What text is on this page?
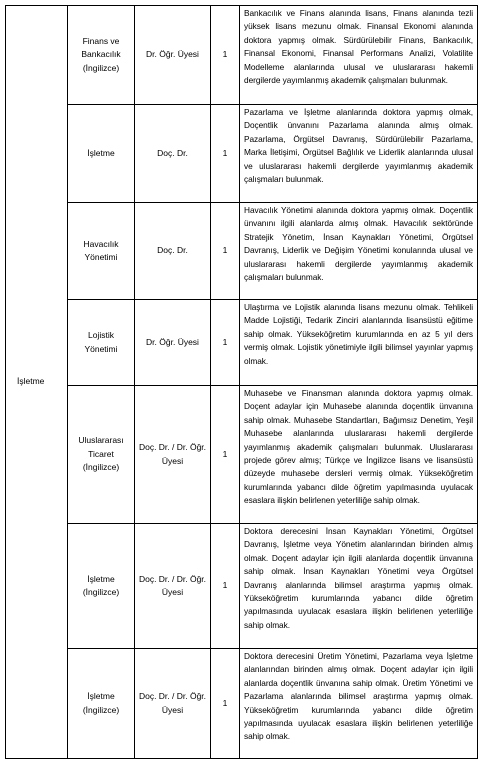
İşletme	Finans ve Bankacılık (İngilizce)	Dr. Öğr. Üyesi	1	Bankacılık ve Finans alanında lisans, Finans alanında tezli yüksek lisans mezunu olmak. Finansal Ekonomi alanında doktora yapmış olmak. Sürdürülebilir Finans, Bankacılık, Finansal Ekonomi, Finansal Performans Analizi, Volatilite Modelleme alanlarında ulusal ve uluslararası hakemli dergilerde yayımlanmış akademik çalışmaları bulunmak.
	İşletme	Doç. Dr.	1	Pazarlama ve İşletme alanlarında doktora yapmış olmak, Doçentlik ünvanını Pazarlama alanında almış olmak. Pazarlama, Örgütsel Davranış, Sürdürülebilir Pazarlama, Marka İletişimi, Örgütsel Bağlılık ve Liderlik alanlarında ulusal ve uluslararası hakemli dergilerde yayımlanmış akademik çalışmaları bulunmak.
	Havacılık Yönetimi	Doç. Dr.	1	Havacılık Yönetimi alanında doktora yapmış olmak. Doçentlik ünvanını ilgili alanlarda almış olmak. Havacılık sektöründe Stratejik Yönetim, İnsan Kaynakları Yönetimi, Örgütsel Davranış, Liderlik ve Değişim Yönetimi konularında ulusal ve uluslararası hakemli dergilerde yayımlanmış akademik çalışmaları bulunmak.
	Lojistik Yönetimi	Dr. Öğr. Üyesi	1	Ulaştırma ve Lojistik alanında lisans mezunu olmak. Tehlikeli Madde Lojistiği, Tedarik Zinciri alanlarında lisansüstü eğitime sahip olmak. Yükseköğretim kurumlarında en az 5 yıl ders vermiş olmak. Lojistik yönetimiyle ilgili bilimsel yayınlar yapmış olmak.
	Uluslararası Ticaret (İngilizce)	Doç. Dr. / Dr. Öğr. Üyesi	1	Muhasebe ve Finansman alanında doktora yapmış olmak. Doçent adaylar için Muhasebe alanında doçentlik ünvanına sahip olmak. Muhasebe Standartları, Bağımsız Denetim, Yeşil Muhasebe alanlarında uluslararası hakemli dergilerde yayımlanmış akademik çalışmaları bulunmak. Uluslararası projede görev almış; Türkçe ve İngilizce lisans ve lisansüstü düzeyde muhasebe dersleri vermiş olmak. Yükseköğretim kurumlarında yabancı dilde öğretim yapılmasında uyulacak esaslara ilişkin belirlenen yeterliliğe sahip olmak.
	İşletme (İngilizce)	Doç. Dr. / Dr. Öğr. Üyesi	1	Doktora derecesini İnsan Kaynakları Yönetimi, Örgütsel Davranış, İşletme veya Yönetim alanlarından birinden almış olmak. Doçent adaylar için ilgili alanlarda doçentlik ünvanına sahip olmak. İnsan Kaynakları Yönetimi veya Örgütsel Davranış alanlarında bilimsel araştırma yapmış olmak. Yükseköğretim kurumlarında yabancı dilde öğretim yapılmasında uyulacak esaslara ilişkin belirlenen yeterliliğe sahip olmak.
	İşletme (İngilizce)	Doç. Dr. / Dr. Öğr. Üyesi	1	Doktora derecesini Üretim Yönetimi, Pazarlama veya İşletme alanlarından birinden almış olmak. Doçent adaylar için ilgili alanlarda doçentlik ünvanına sahip olmak. Üretim Yönetimi ve Pazarlama alanlarında bilimsel araştırma yapmış olmak. Yükseköğretim kurumlarında yabancı dilde öğretim yapılmasında uyulacak esaslara ilişkin belirlenen yeterliliğe sahip olmak.
